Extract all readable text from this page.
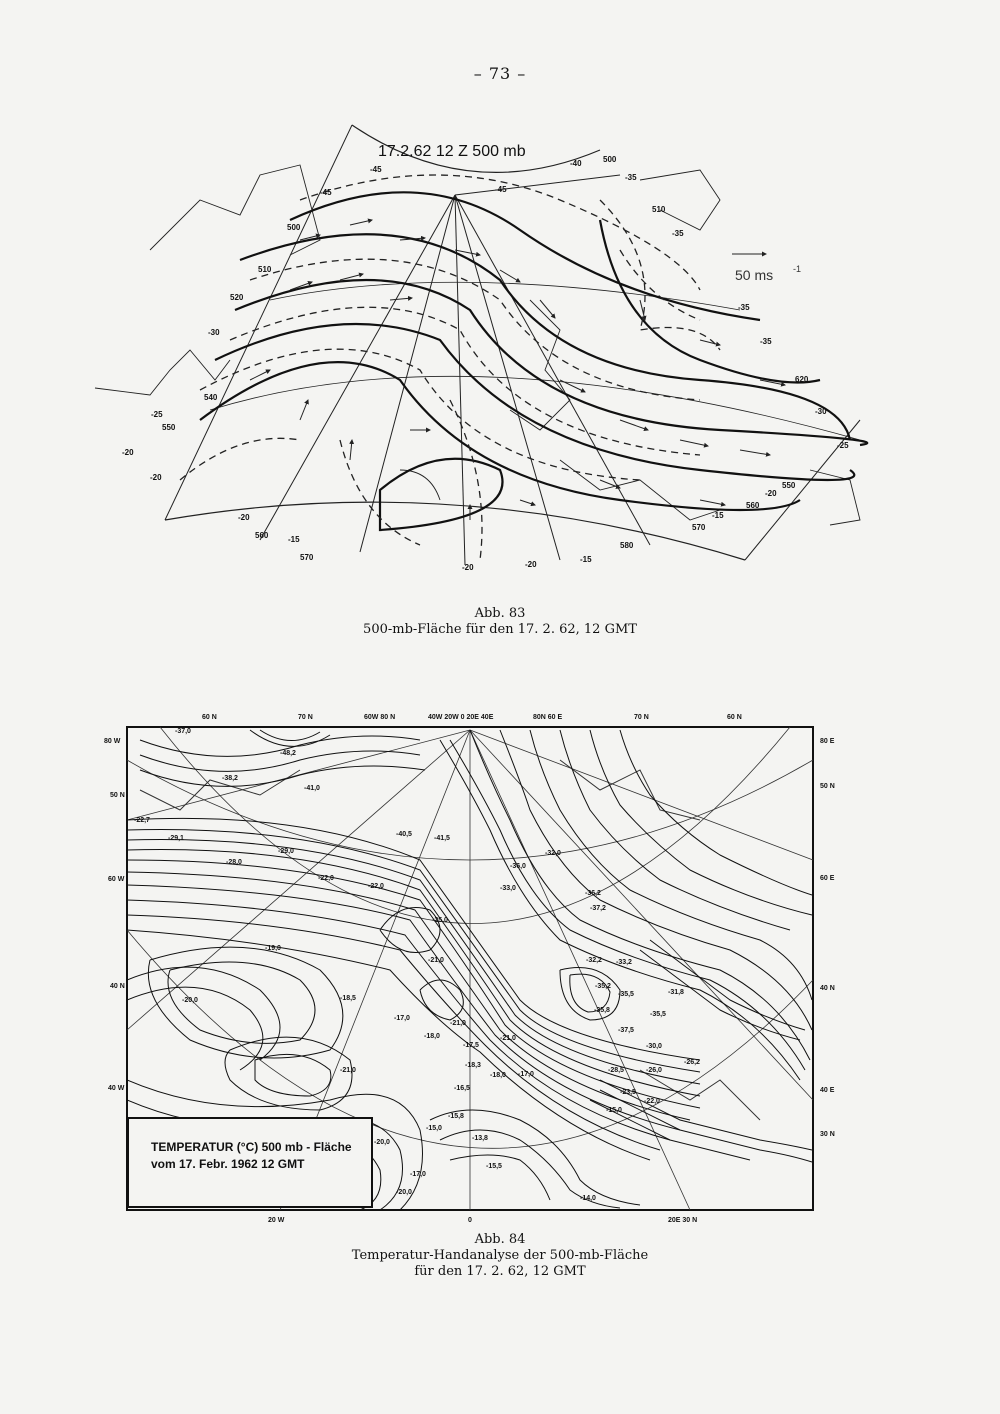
– 73 –
500
510
520
540
550
560
570
580
500
510
620
550
560
570
-45
-40
-45	-45
-35
-35
-30
-25
-20
-20
-20
-15
-20	-20
-15
-35
-35
-30
-25
-20
-15
17.2.62 12 Z 500 mb
50 ms -1
Abb. 83
500-mb-Fläche für den 17. 2. 62, 12 GMT
60 N	70 N	60W 80 N	40W 20W 0 20E 40E	80N 60 E	70 N	60 N
80 W
50 N
60 W
40 N
40 W
80 E
50 N
60 E
40 N
40 E
30 N
20 W	0	20E 30 N
-37,0
-48,2
-38,2
-41,0
-22,7
-29,1
-28,0
-29,0
-22,0
-22,0
-40,5
-41,5
-32,0
-36,0
-33,0
-36,2
-37,2
-25,0
-21,0
-19,0
-20,0	-18,5
-17,0
-21,0
-18,0
-21,0
-17,5
-18,3
-18,0 -17,0
-21,0
-16,5
-15,8
-15,0
-13,8
-15,5
-17,0
-20,0
-20,0
-14,0
-32,2 -33,2
-35,2
-35,5	-31,8
-35,8
-35,5
-37,5
-30,0
-28,5
-26,2
-26,0
-23,5
-22,0
-15,0
TEMPERATUR (°C) 500 mb - Fläche
vom 17. Febr. 1962 12 GMT
Abb. 84
Temperatur-Handanalyse der 500-mb-Fläche
für den 17. 2. 62, 12 GMT
